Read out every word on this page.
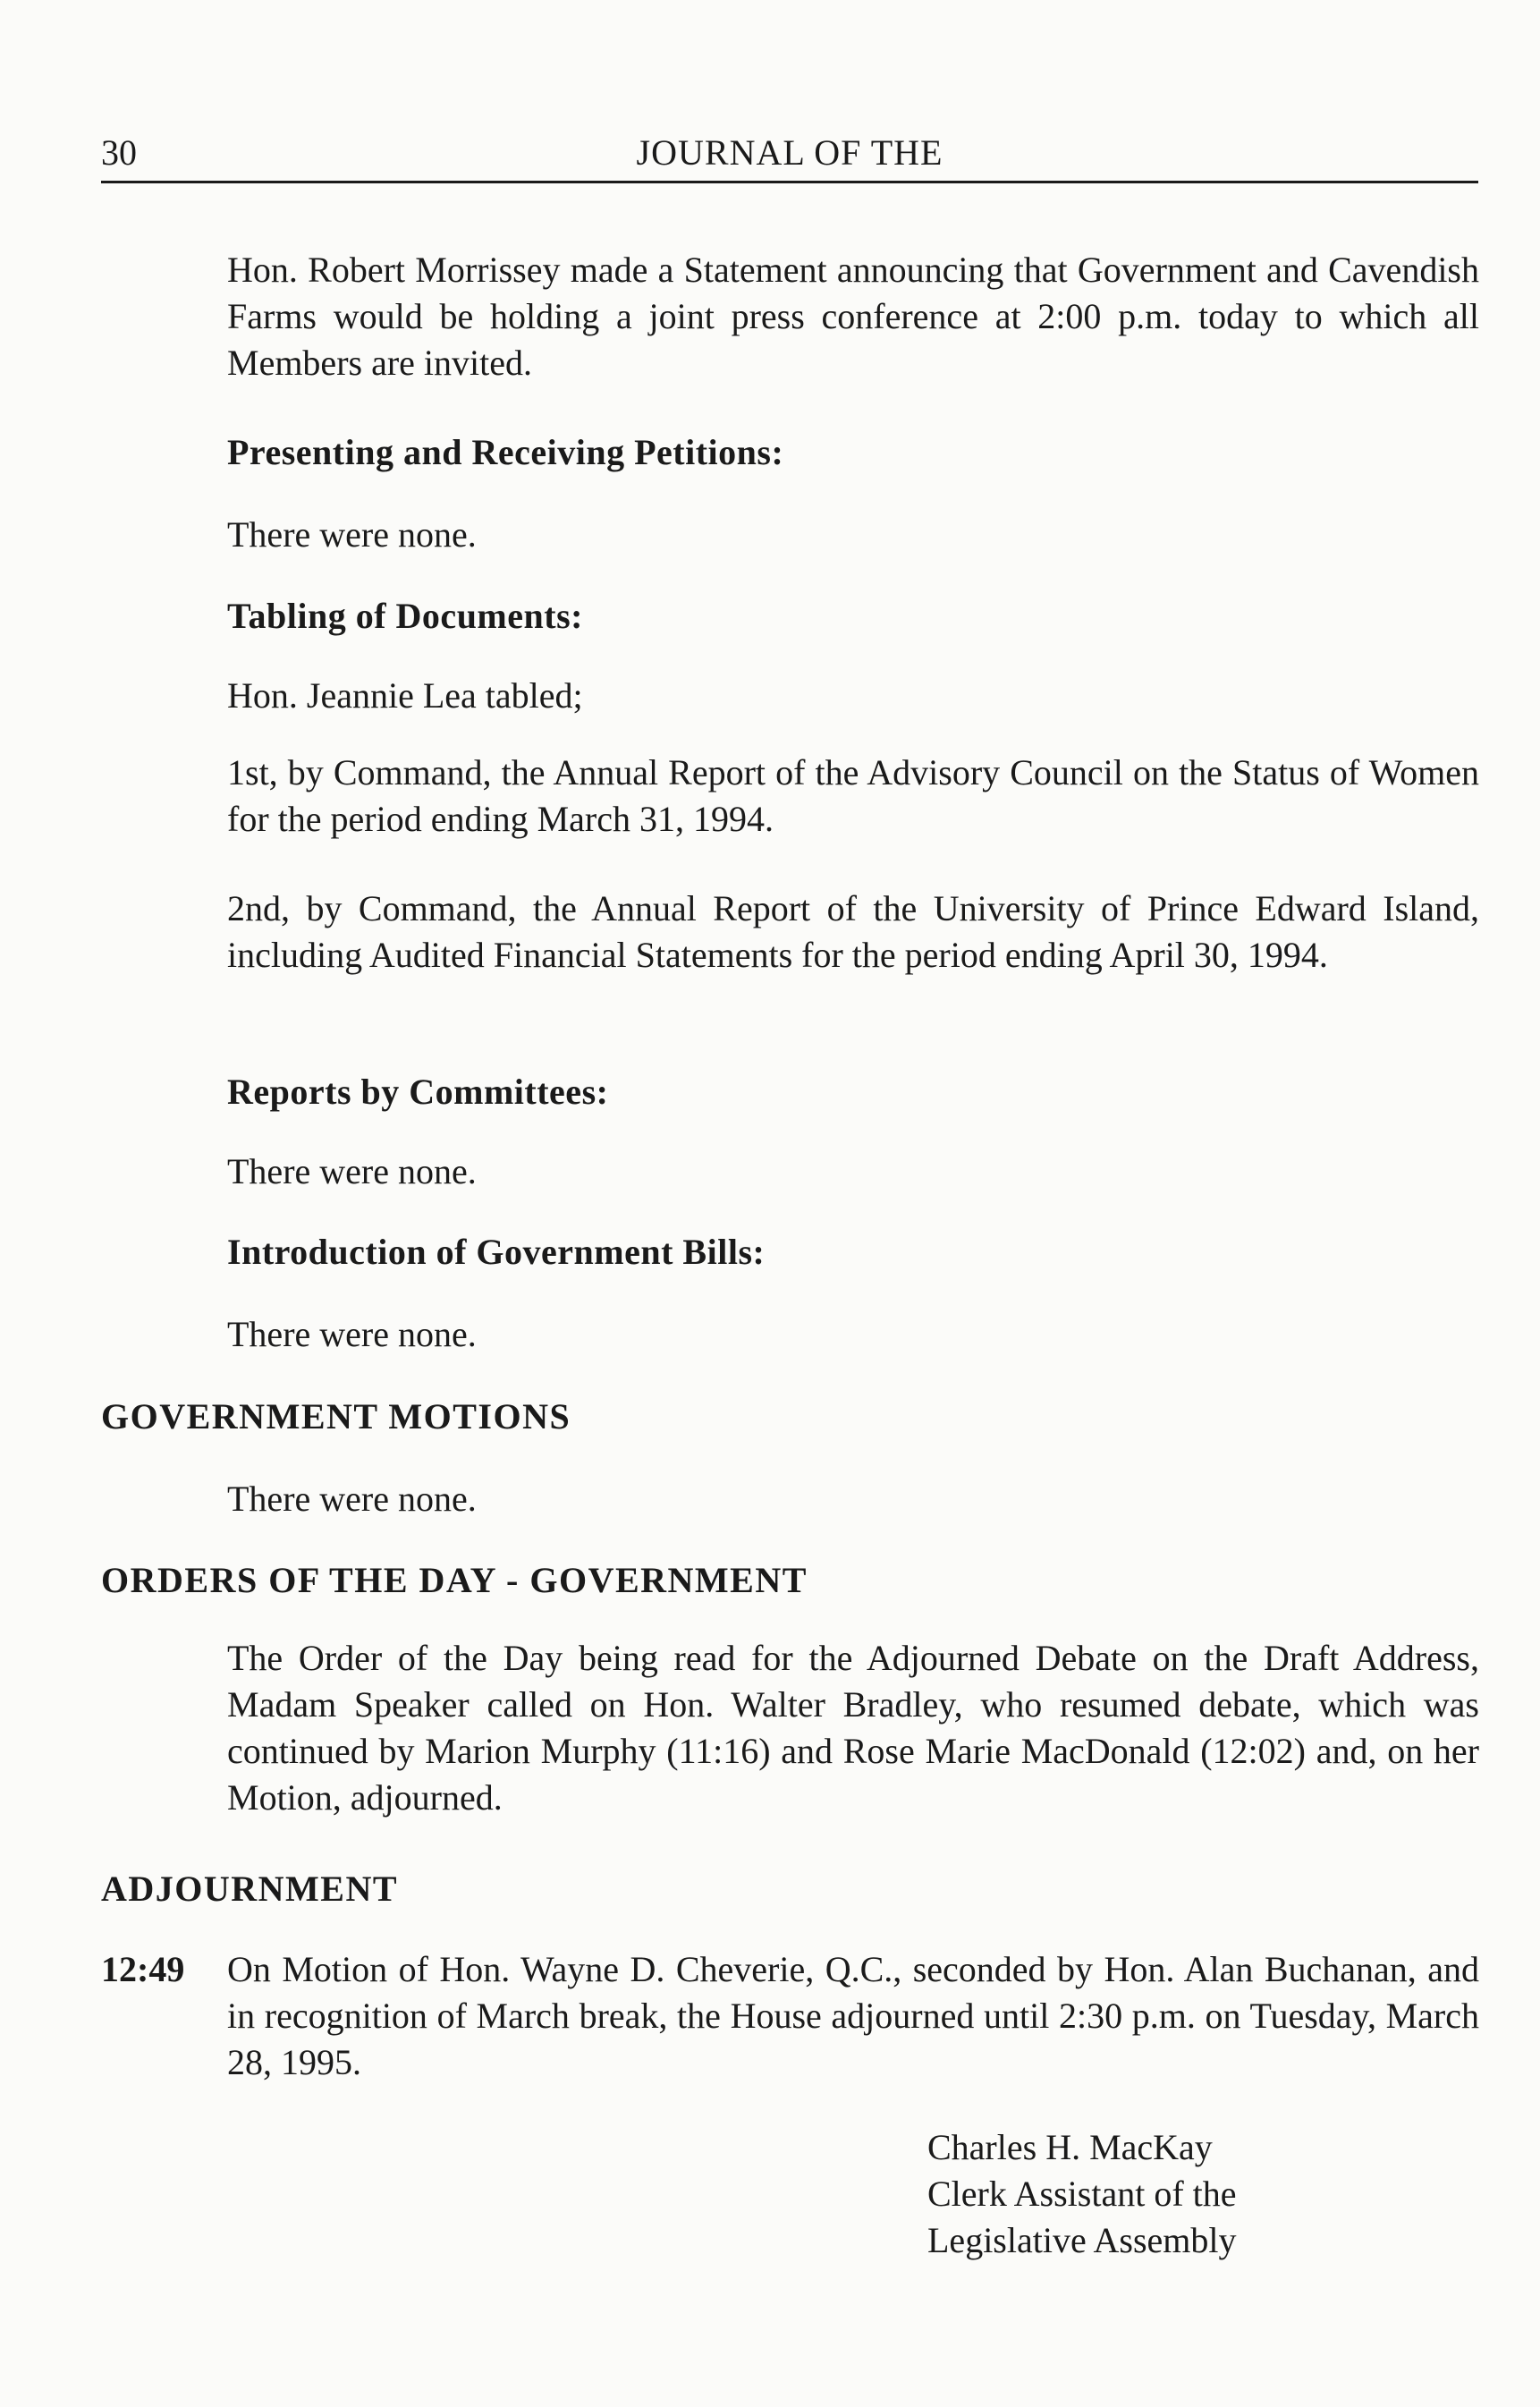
30	JOURNAL OF THE

Hon. Robert Morrissey made a Statement announcing that Government and Cavendish Farms would be holding a joint press conference at 2:00 p.m. today to which all Members are invited.

Presenting and Receiving Petitions:
There were none.
Tabling of Documents:
Hon. Jeannie Lea tabled;

1st, by Command, the Annual Report of the Advisory Council on the Status of Women for the period ending March 31, 1994.

2nd, by Command, the Annual Report of the University of Prince Edward Island, including Audited Financial Statements for the period ending April 30, 1994.

Reports by Committees:
There were none.
Introduction of Government Bills:
There were none.
GOVERNMENT MOTIONS
There were none.
ORDERS OF THE DAY - GOVERNMENT

The Order of the Day being read for the Adjourned Debate on the Draft Address, Madam Speaker called on Hon. Walter Bradley, who resumed debate, which was continued by Marion Murphy (11:16) and Rose Marie MacDonald (12:02) and, on her Motion, adjourned.

ADJOURNMENT
12:49 On Motion of Hon. Wayne D. Cheverie, Q.C., seconded by Hon. Alan Buchanan, and in recognition of March break, the House adjourned until 2:30 p.m. on Tuesday, March 28, 1995.

Charles H. MacKay
Clerk Assistant of the
Legislative Assembly
